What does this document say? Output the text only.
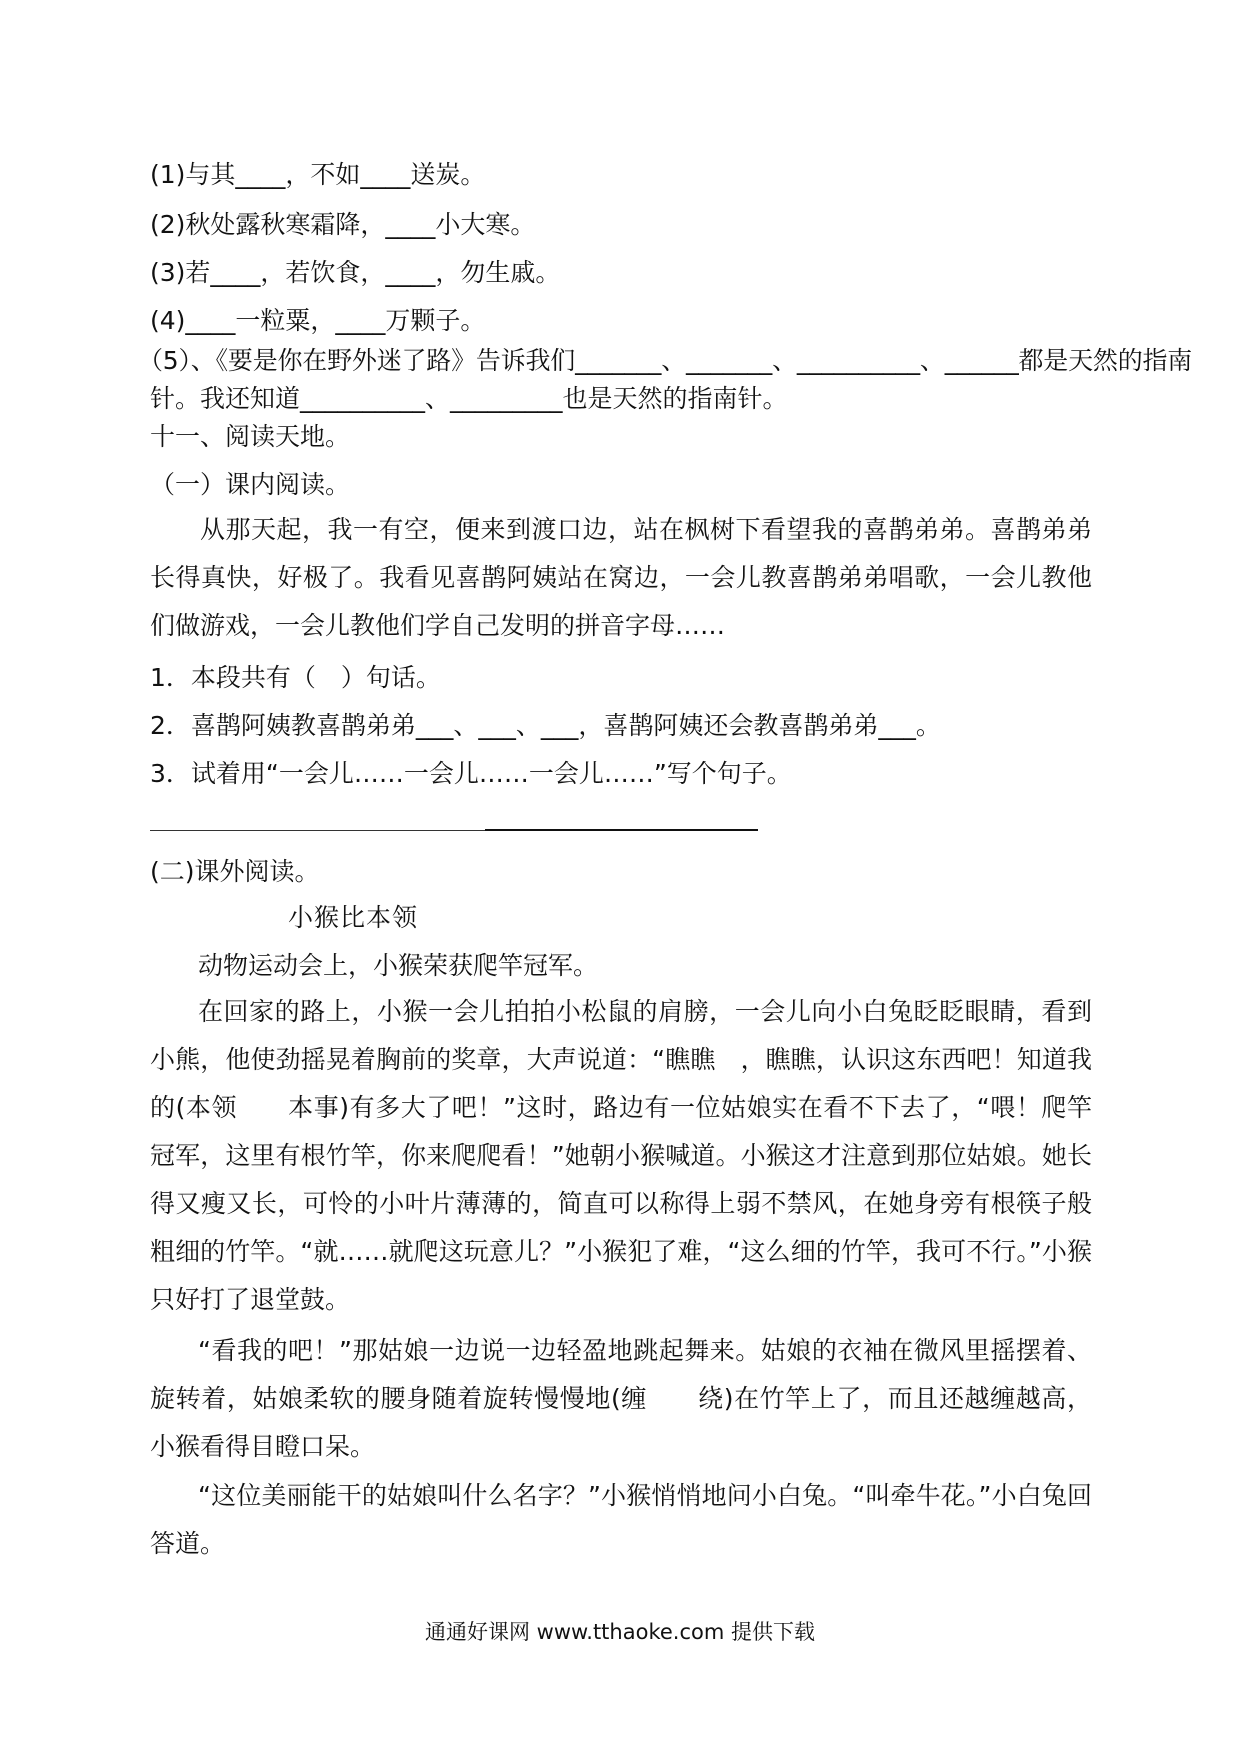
(1)与其____，不如____送炭。
(2)秋处露秋寒霜降，____小大寒。
(3)若____，若饮食，____，勿生戚。
(4)____一粒粟，____万颗子。
（5）、《要是你在野外迷了路》告诉我们_______、_______、__________、______都是天然的指南
针。我还知道__________、_________也是天然的指南针。
十一、阅读天地。
（一）课内阅读。
从那天起，我一有空，便来到渡口边，站在枫树下看望我的喜鹊弟弟。喜鹊弟弟长得真快，好极了。我看见喜鹊阿姨站在窝边，一会儿教喜鹊弟弟唱歌，一会儿教他们做游戏，一会儿教他们学自己发明的拼音字母……
1．本段共有（　）句话。
2．喜鹊阿姨教喜鹊弟弟___、___、___，喜鹊阿姨还会教喜鹊弟弟___。
3．试着用“一会儿……一会儿……一会儿……”写个句子。
(二)课外阅读。
小猴比本领
动物运动会上，小猴荣获爬竿冠军。
在回家的路上，小猴一会儿拍拍小松鼠的肩膀，一会儿向小白兔眨眨眼睛，看到小熊，他使劲摇晃着胸前的奖章，大声说道：“瞧瞧　，瞧瞧，认识这东西吧！知道我的(本领　　本事)有多大了吧！”这时，路边有一位姑娘实在看不下去了，“喂！爬竿冠军，这里有根竹竿，你来爬爬看！”她朝小猴喊道。小猴这才注意到那位姑娘。她长得又瘦又长，可怜的小叶片薄薄的，简直可以称得上弱不禁风，在她身旁有根筷子般粗细的竹竿。“就……就爬这玩意儿？”小猴犯了难，“这么细的竹竿，我可不行。”小猴只好打了退堂鼓。
“看我的吧！”那姑娘一边说一边轻盈地跳起舞来。姑娘的衣袖在微风里摇摆着、旋转着，姑娘柔软的腰身随着旋转慢慢地(缠　　绕)在竹竿上了，而且还越缠越高，小猴看得目瞪口呆。
“这位美丽能干的姑娘叫什么名字？”小猴悄悄地问小白兔。“叫牵牛花。”小白兔回答道。
通通好课网 www.tthaoke.com 提供下载
